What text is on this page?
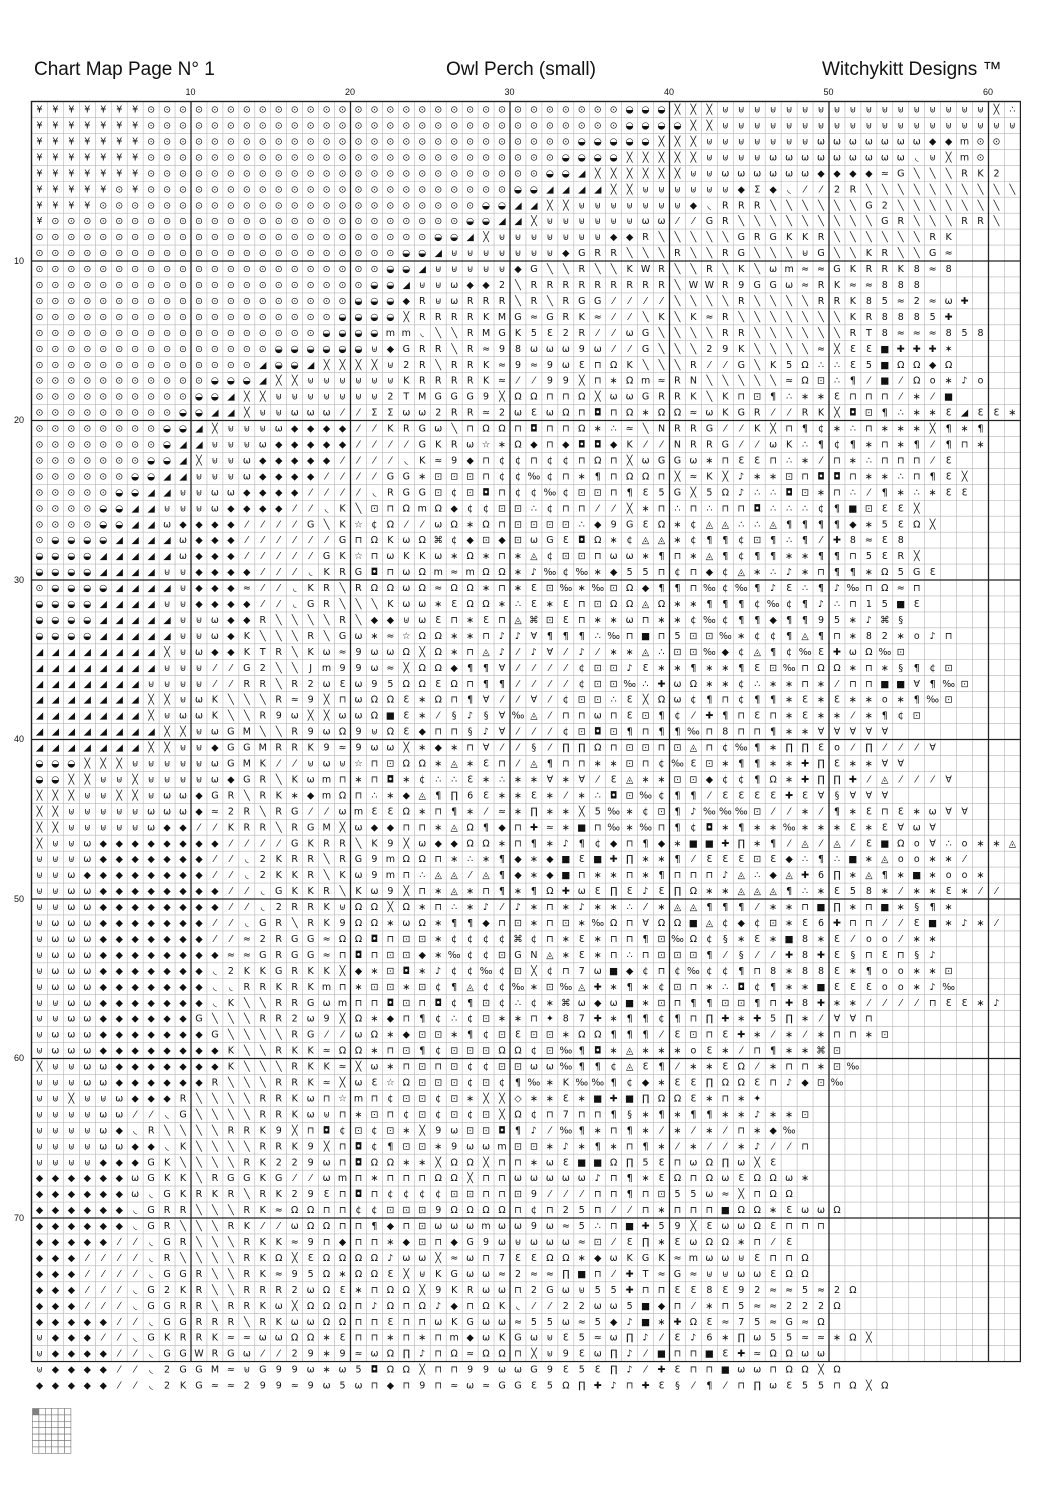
Chart Map Page N° 1	Owl Perch (small)	Witchykitt Designs ™
10	20	30	40	50	60
10
20
30
40
50
60
70
¥ ¥ ¥ ¥ ¥ ¥ ¥ ⊙ ⊙ ⊙ ⊙ ⊙ ⊙ ⊙ ⊙ ⊙ ⊙ ⊙ ⊙ ⊙ ⊙ ⊙ ⊙ ⊙ ⊙ ⊙ ⊙ ⊙ ⊙ ⊙ ⊙ ⊙ ⊙ ⊙ ⊙ ⊙ ⊙ ◒ ◒ ◒ ╳ ╳ ╳ ⊎ ⊎ ⊎ ⊎ ⊎ ⊎ ⊎ ⊎ ⊎ ⊎ ⊎ ⊎ ⊎ ⊎ ⊎ ⊎ ⊎ ╳ ∴
¥ ¥ ¥ ¥ ¥ ¥ ¥ ⊙ ⊙ ⊙ ⊙ ⊙ ⊙ ⊙ ⊙ ⊙ ⊙ ⊙ ⊙ ⊙ ⊙ ⊙ ⊙ ⊙ ⊙ ⊙ ⊙ ⊙ ⊙ ⊙ ⊙ ⊙ ⊙ ⊙ ⊙ ⊙ ⊙ ◒ ◒ ◒ ◒ ╳ ╳ ⊎ ⊎ ⊎ ⊎ ⊎ ⊎ ⊎ ⊎ ⊎ ⊎ ⊎ ⊎ ⊎ ⊎ ⊎ ⊎ ⊎ ⊎ ⊎
¥ ¥ ¥ ¥ ¥ ¥ ¥ ⊙ ⊙ ⊙ ⊙ ⊙ ⊙ ⊙ ⊙ ⊙ ⊙ ⊙ ⊙ ⊙ ⊙ ⊙ ⊙ ⊙ ⊙ ⊙ ⊙ ⊙ ⊙ ⊙ ⊙ ⊙ ⊙ ⊙ ◒ ◒ ◒ ◒ ◒ ╳ ╳ ╳ ⊎ ⊎ ⊎ ⊎ ⊎ ⊎ ⊎ ω ω ω ω ω ω ω ◆ ◆ m ⊙ ⊙
¥ ¥ ¥ ¥ ¥ ¥ ¥ ⊙ ⊙ ⊙ ⊙ ⊙ ⊙ ⊙ ⊙ ⊙ ⊙ ⊙ ⊙ ⊙ ⊙ ⊙ ⊙ ⊙ ⊙ ⊙ ⊙ ⊙ ⊙ ⊙ ⊙ ⊙ ⊙ ◒ ◒ ◒ ◒ ╳ ╳ ╳ ╳ ╳ ⊎ ⊎ ⊎ ⊎ ω ω ω ω ω ω ω ω ω ◟ ⊎ ╳ m ⊙
¥ ¥ ¥ ¥ ¥ ¥ ¥ ⊙ ⊙ ⊙ ⊙ ⊙ ⊙ ⊙ ⊙ ⊙ ⊙ ⊙ ⊙ ⊙ ⊙ ⊙ ⊙ ⊙ ⊙ ⊙ ⊙ ⊙ ⊙ ⊙ ⊙ ⊙ ◒ ◒ ◢ ╳ ╳ ╳ ╳ ╳ ╳ ⊎ ⊎ ω ω ω ω ω ω ◆ ◆ ◆ ◆ ≈ G ╲ ╲ ╲ R K 2
¥ ¥ ¥ ¥ ¥ ⊙ ¥ ⊙ ⊙ ⊙ ⊙ ⊙ ⊙ ⊙ ⊙ ⊙ ⊙ ⊙ ⊙ ⊙ ⊙ ⊙ ⊙ ⊙ ⊙ ⊙ ⊙ ⊙ ⊙ ⊙ ◒ ◒ ◢ ◢ ◢ ◢ ╳ ╳ ⊎ ⊎ ⊎ ⊎ ⊎ ⊎ ◆ Σ ◆ ◟ ⁄ ⁄ 2 R ╲ ╲ ╲ ╲ ╲ ╲ ╲ ╲ ╲ ╲
¥ ¥ ¥ ¥ ⊙ ⊙ ⊙ ⊙ ⊙ ⊙ ⊙ ⊙ ⊙ ⊙ ⊙ ⊙ ⊙ ⊙ ⊙ ⊙ ⊙ ⊙ ⊙ ⊙ ⊙ ⊙ ⊙ ⊙ ◒ ◒ ◢ ◢ ╳ ╳ ⊎ ⊎ ⊎ ⊎ ⊎ ⊎ ⊎ ◆ ◟ R R R ╲ ╲ ╲ ╲ ╲ ╲ G 2 ╲ ╲ ╲ ╲ ╲ ╲ ╲
¥ ⊙ ⊙ ⊙ ⊙ ⊙ ⊙ ⊙ ⊙ ⊙ ⊙ ⊙ ⊙ ⊙ ⊙ ⊙ ⊙ ⊙ ⊙ ⊙ ⊙ ⊙ ⊙ ⊙ ⊙ ⊙ ⊙ ◒ ◒ ◢ ◢ ╳ ⊎ ⊎ ⊎ ⊎ ⊎ ⊎ ω ω ⁄ ⁄ G R ╲ ╲ ╲ ╲ ╲ ╲ ╲ ╲ ╲ G R ╲ ╲ ╲ R R ╲
⊙ ⊙ ⊙ ⊙ ⊙ ⊙ ⊙ ⊙ ⊙ ⊙ ⊙ ⊙ ⊙ ⊙ ⊙ ⊙ ⊙ ⊙ ⊙ ⊙ ⊙ ⊙ ⊙ ⊙ ⊙ ◒ ◒ ◢ ╳ ⊎ ⊎ ⊎ ⊎ ⊎ ⊎ ⊎ ◆ ◆ R ╲ ╲ ╲ ╲ ╲ G R G K K R ╲ ╲ ╲ ╲ ╲ ╲ R K
⊙ ⊙ ⊙ ⊙ ⊙ ⊙ ⊙ ⊙ ⊙ ⊙ ⊙ ⊙ ⊙ ⊙ ⊙ ⊙ ⊙ ⊙ ⊙ ⊙ ⊙ ⊙ ⊙ ◒ ◒ ◢ ⊎ ⊎ ⊎ ⊎ ⊎ ⊎ ⊎ ◆ G R R ╲ ╲ ╲ R ╲ ╲ R G ╲ ╲ ╲ ⊎ G ╲ ╲ K R ╲ ╲ G ≈
⊙ ⊙ ⊙ ⊙ ⊙ ⊙ ⊙ ⊙ ⊙ ⊙ ⊙ ⊙ ⊙ ⊙ ⊙ ⊙ ⊙ ⊙ ⊙ ⊙ ⊙ ⊙ ◒ ◒ ◢ ⊎ ⊎ ⊎ ⊎ ⊎ ◆ G ╲ ╲ R ╲ ╲ K W R ╲ ╲ R ╲ K ╲ ω m ≈ ≈ G K R R K 8 ≈ 8
⊙ ⊙ ⊙ ⊙ ⊙ ⊙ ⊙ ⊙ ⊙ ⊙ ⊙ ⊙ ⊙ ⊙ ⊙ ⊙ ⊙ ⊙ ⊙ ⊙ ⊙ ◒ ◒ ◢ ⊎ ⊎ ω ◆ ◆ 2 ╲ R R R R R R R R R ╲ W W R 9 G G ω ≈ R K ≈ ≈ 8 8 8
⊙ ⊙ ⊙ ⊙ ⊙ ⊙ ⊙ ⊙ ⊙ ⊙ ⊙ ⊙ ⊙ ⊙ ⊙ ⊙ ⊙ ⊙ ⊙ ⊙ ◒ ◒ ◒ ◆ R ⊎ ω R R R ╲ R ╲ R G G ⁄ ⁄ ⁄ ⁄ ╲ ╲ ╲ ╲ R ╲ ╲ ╲ ╲ R R K 8 5 ≈ 2 ≈ ω ✚
⊙ ⊙ ⊙ ⊙ ⊙ ⊙ ⊙ ⊙ ⊙ ⊙ ⊙ ⊙ ⊙ ⊙ ⊙ ⊙ ⊙ ⊙ ⊙ ◒ ◒ ◒ ◒ ╳ R R R R K M G ≈ G R K ≈ ⁄ ⁄ ╲ K ╲ K ≈ R ╲ ╲ ╲ ╲ ╲ ╲ ╲ K R 8 8 8 5 ✚
⊙ ⊙ ⊙ ⊙ ⊙ ⊙ ⊙ ⊙ ⊙ ⊙ ⊙ ⊙ ⊙ ⊙ ⊙ ⊙ ⊙ ⊙ ◒ ◒ ◒ ◒ m m ◟ ╲ ╲ R M G K 5 Ɛ 2 R ⁄ ⁄ ω G ╲ ╲ ╲ ╲ R R ╲ ╲ ╲ ╲ ╲ ╲ R T 8 ≈ ≈ ≈ 8 5 8
⊙ ⊙ ⊙ ⊙ ⊙ ⊙ ⊙ ⊙ ⊙ ⊙ ⊙ ⊙ ⊙ ⊙ ⊙ ◒ ◒ ◒ ◒ ◒ ◒ ⊎ ◆ G R R ╲ R ≈ 9 8 ω ω ω 9 ω ⁄ ⁄ G ╲ ╲ ╲ 2 9 K ╲ ╲ ╲ ╲ ≈ ╳ Ɛ Ɛ ■ ✚ ✚ ✚ ✶
⊙ ⊙ ⊙ ⊙ ⊙ ⊙ ⊙ ⊙ ⊙ ⊙ ⊙ ⊙ ⊙ ⊙ ◢ ◒ ◒ ◢ ╳ ╳ ╳ ╳ ⊎ 2 R ╲ R R K ≈ 9 ≈ 9 ω Ɛ ⊓ Ω K ╲ ╲ ╲ R ⁄ ⁄ G ╲ K 5 Ω ∴ ∴ Ɛ 5 ■ Ω Ω ◆ Ω
⊙ ⊙ ⊙ ⊙ ⊙ ⊙ ⊙ ⊙ ⊙ ⊙ ⊙ ◒ ◒ ◒ ◢ ╳ ╳ ⊎ ⊎ ⊎ ⊎ ⊎ ⊎ K R R R R K ≈ ⁄ ⁄ 9 9 ╳ ⊓ ∗ Ω m ≈ R N ╲ ╲ ╲ ╲ ╲ ≈ Ω ⊡ ∴ ¶ ⁄ ■ ⁄ Ω o ∗ ♪ o
⊙ ⊙ ⊙ ⊙ ⊙ ⊙ ⊙ ⊙ ⊙ ⊙ ◒ ◒ ◢ ╳ ╳ ⊎ ⊎ ⊎ ⊎ ⊎ ⊎ ⊎ 2 T M G G G 9 ╳ Ω Ω ⊓ ⊓ Ω ╳ ω ω G R R K ╲ K ⊓ ⊡ ¶ ∴ ∗ ∗ Ɛ ⊓ ⊓ ⊓ ⁄ ∗ ⁄ ■
⊙ ⊙ ⊙ ⊙ ⊙ ⊙ ⊙ ⊙ ⊙ ◒ ◒ ◢ ◢ ╳ ⊎ ⊎ ω ω ω ⁄ ⁄ Σ Σ ω ω 2 R R ≈ 2 ω Ɛ ω Ω ⊓ ◘ ⊓ Ω ∗ Ω Ω ≈ ω K G R ⁄ ⁄ R K ╳ ◘ ⊡ ¶ ∴ ∗ ∗ Ɛ ◢ Ɛ Ɛ ∗
⊙ ⊙ ⊙ ⊙ ⊙ ⊙ ⊙ ⊙ ◒ ◒ ◢ ╳ ⊎ ⊎ ⊎ ω ◆ ◆ ◆ ◆ ⁄ ⁄ K R G ω ╲ ⊓ Ω Ω ⊓ ◘ ⊓ ⊓ Ω ∗ ∴ ≈ ╲ N R R G ⁄ ⁄ K ╳ ⊓ ¶ ¢ ∗ ∴ ⊓ ∗ ∗ ∗ ╳ ¶ ∗ ¶
⊙ ⊙ ⊙ ⊙ ⊙ ⊙ ⊙ ⊙ ◒ ◢ ◢ ⊎ ⊎ ⊎ ω ◆ ◆ ◆ ◆ ◆ ⁄ ⁄ ⁄ ⁄ G K R ω ☆ ∗ Ω ◆ ⊓ ◆ ◘ ◘ ◆ K ⁄ ⁄ N R R G ⁄ ⁄ ω K ∴ ¶ ¢ ¶ ∗ ⊓ ∗ ¶ ⁄ ¶ ⊓ ∗
⊙ ⊙ ⊙ ⊙ ⊙ ⊙ ⊙ ◒ ◒ ◢ ╳ ⊎ ⊎ ω ◆ ◆ ◆ ◆ ◆ ⁄ ⁄ ⁄ ⁄ ◟ K ≈ 9 ◆ ⊓ ¢ ¢ ⊓ ¢ ¢ ⊓ Ω ⊓ ╳ ω G G ω ∗ ⊓ Ɛ Ɛ ⊓ ∴ ∗ ⁄ ⊓ ∗ ∴ ⊓ ⊓ ⊓ ⁄ Ɛ
⊙ ⊙ ⊙ ⊙ ⊙ ⊙ ◒ ◒ ◢ ◢ ⊎ ⊎ ⊎ ω ◆ ◆ ◆ ◆ ⁄ ⁄ ⁄ ⁄ G G ∗ ⊡ ⊡ ⊡ ⊓ ¢ ¢ ‰ ¢ ⊓ ∗ ¶ ⊓ Ω Ω ⊓ ╳ ≈ K ╳ ♪ ∗ ∗ ⊡ ⊓ ◘ ◘ ⊓ ∗ ∗ ∴ ⊓ ¶ Ɛ ╳
⊙ ⊙ ⊙ ⊙ ⊙ ◒ ◒ ◢ ◢ ⊎ ⊎ ω ω ◆ ◆ ◆ ◆ ⁄ ⁄ ⁄ ⁄ ◟ R G G ⊡ ¢ ⊡ ◘ ⊓ ¢ ¢ ‰ ¢ ⊡ ⊡ ⊓ ¶ Ɛ 5 G ╳ 5 Ω ♪ ∴ ∴ ◘ ⊡ ∗ ⊓ ∴ ⁄ ¶ ∗ ∴ ∗ Ɛ Ɛ
⊙ ⊙ ⊙ ⊙ ◒ ◒ ◢ ◢ ⊎ ⊎ ⊎ ω ◆ ◆ ◆ ◆ ⁄ ⁄ ◟ K ╲ ⊡ ⊓ Ω m Ω ◆ ¢ ¢ ⊡ ⊡ ∴ ¢ ⊓ ⊓ ⁄ ⁄ ╳ ∗ ⊓ ∴ ⊓ ∴ ⊓ ⊓ ◘ ∴ ∴ ∴ ¢ ¶ ■ ⊡ Ɛ Ɛ ╳
⊙ ⊙ ⊙ ⊙ ◒ ◒ ◢ ◢ ω ◆ ◆ ◆ ◆ ⁄ ⁄ ⁄ ⁄ G ╲ K ☆ ¢ Ω ⁄ ⁄ ω Ω ∗ Ω ⊓ ⊡ ⊡ ⊡ ⊡ ∴ ◆ 9 G Ɛ Ω ∗ ¢ ◬ ◬ ∴ ∴ ◬ ¶ ¶ ¶ ¶ ◆ ∗ 5 Ɛ Ω ╳
⊙ ◒ ◒ ◒ ◒ ◢ ◢ ◢ ◢ ω ◆ ◆ ◆ ⁄ ⁄ ⁄ ⁄ ⁄ ⁄ G ⊓ Ω K ω Ω ⌘ ¢ ◆ ⊡ ◆ ⊡ ω G Ɛ ◘ Ω ∗ ¢ ◬ ◬ ∗ ¢ ¶ ¶ ¢ ⊡ ¶ ∴ ¶ ⁄ ✚ 8 ≈ Ɛ 8
◒ ◒ ◒ ◒ ◢ ◢ ◢ ◢ ◢ ω ◆ ◆ ◆ ⁄ ⁄ ⁄ ⁄ ⁄ G K ☆ ⊓ ω K K ω ∗ Ω ∗ ⊓ ∗ ◬ ¢ ⊡ ⊡ ⊓ ω ω ∗ ¶ ⊓ ∗ ◬ ¶ ¢ ¶ ¶ ∗ ∗ ¶ ¶ ⊓ 5 Ɛ R ╳
◒ ◒ ◒ ◒ ◢ ◢ ◢ ◢ ⊎ ⊎ ◆ ◆ ◆ ◆ ⁄ ⁄ ⁄ ◟ K R G ◘ ⊓ ω Ω m ≈ m Ω Ω ∗ ♪ ‰ ¢ ‰ ∗ ◆ 5 5 ⊓ ¢ ⊓ ◆ ¢ ◬ ∗ ∴ ♪ ∗ ⊓ ¶ ¶ ∗ Ω 5 G Ɛ
⊙ ◒ ◒ ◒ ◒ ◢ ◢ ◢ ◢ ⊎ ◆ ◆ ◆ ≈ ⁄ ⁄ ◟ K R ╲ R Ω Ω ω Ω ≈ Ω Ω ∗ ⊓ ∗ Ɛ ⊡ ‰ ∗ ‰ ⊡ Ω ◆ ¶ ¶ ⊓ ‰ ¢ ‰ ¶ ♪ Ɛ ∴ ¶ ♪ ‰ ⊓ Ω ≈ ⊓
◒ ◒ ◒ ◒ ◢ ◢ ◢ ◢ ⊎ ⊎ ◆ ◆ ◆ ◆ ⁄ ⁄ ◟ G R ╲ ╲ ╲ K ω ω ∗ Ɛ Ω Ω ∗ ∴ Ɛ ∗ Ɛ ⊓ ⊡ Ω Ω ◬ Ω ∗ ∗ ¶ ¶ ¶ ¢ ‰ ¢ ¶ ♪ ∴ ⊓ 1 5 ■ Ɛ
◒ ◒ ◒ ◒ ◢ ◢ ◢ ◢ ◢ ⊎ ⊎ ω ◆ ◆ R ╲ ╲ ╲ ╲ R ╲ ◆ ◆ ⊎ ω Ɛ ⊓ ∗ Ɛ ⊓ ◬ ⌘ ⊡ Ɛ ⊓ ∗ ∗ ω ⊓ ∗ ∗ ¢ ‰ ¢ ¶ ¶ ◆ ¶ ¶ 9 5 ∗ ♪ ⌘ §
◒ ◒ ◒ ◒ ◢ ◢ ◢ ◢ ◢ ⊎ ⊎ ω ◆ K ╲ ╲ ╲ R ╲ G ω ∗ ≈ ☆ Ω Ω ∗ ∗ ⊓ ♪ ♪ ∀ ¶ ¶ ¶ ∴ ‰ ⊓ ■ ⊓ 5 ⊡ ⊡ ‰ ∗ ¢ ¢ ¶ ◬ ¶ ⊓ ∗ 8 2 ∗ o ♪ ⊓
◢ ◢ ◢ ◢ ◢ ◢ ◢ ◢ ╳ ⊎ ω ◆ ◆ K T R ╲ K ω ≈ 9 ω ω Ω ╳ Ω ∗ ⊓ ◬ ♪ ⁄ ♪ ∀ ⁄ ♪ ⁄ ∗ ∗ ◬ ∴ ⊡ ⊡ ‰ ◆ ¢ ◬ ¶ ¢ ‰ Ɛ ✚ ω Ω ‰ ⊡
◢ ◢ ◢ ◢ ◢ ◢ ◢ ◢ ⊎ ⊎ ⊎ ⁄ ⁄ G 2 ╲ ╲ J m 9 9 ω ≈ ╳ Ω Ω ◆ ¶ ¶ ∀ ⁄ ⁄ ⁄ ⁄ ¢ ⊡ ⊡ ♪ Ɛ ∗ ∗ ¶ ∗ ∗ ¶ Ɛ ⊡ ‰ ⊓ Ω Ω ∗ ⊓ ∗ § ¶ ¢ ⊡
◢ ◢ ◢ ◢ ◢ ◢ ◢ ⊎ ⊎ ⊎ ⊎ ⁄ ⁄ R R ╲ R 2 ω Ɛ ω 9 5 Ω Ω Ɛ Ω ⊓ ¶ ¶ ⁄ ⁄ ⁄ ⁄ ¢ ⊡ ⊡ ‰ ∴ ✚ ω Ω ∗ ∗ ¢ ∴ ∗ ∗ ⊓ ∗ ⁄ ⊓ ⊓ ■ ■ ∀ ¶ ‰ ⊡
◢ ◢ ◢ ◢ ◢ ◢ ◢ ╳ ╳ ⊎ ω K ╲ ╲ ╲ R ≈ 9 ╳ ⊓ ω Ω Ω Ɛ ∗ Ω ⊓ ¶ ∀ ⁄ ⁄ ∀ ⁄ ¢ ⊡ ⊡ ∴ Ɛ ╳ Ω ω ¢ ¶ ⊓ ¢ ¶ ¶ ∗ Ɛ ∗ Ɛ ∗ ∗ o ∗ ¶ ‰ ⊡
◢ ◢ ◢ ◢ ◢ ◢ ◢ ╳ ⊎ ω ω K ╲ ╲ R 9 ω ╳ ╳ ω ω Ω ■ Ɛ ∗ ⁄ § ♪ § ∀ ‰ ◬ ⁄ ⊓ ⊓ ω ⊓ Ɛ ⊡ ¶ ¢ ⁄ ✚ ¶ ⊓ Ɛ ⊓ ∗ Ɛ ∗ ∗ ⁄ ∗ ¶ ¢ ⊡
◢ ◢ ◢ ◢ ◢ ◢ ◢ ◢ ╳ ╳ ⊎ ω G M ╲ ╲ R 9 ω Ω 9 ⊎ Ω Ɛ ◆ ⊓ ⊓ § ♪ ∀ ⁄ ⁄ ⁄ ¢ ⊡ ◘ ⊡ ¶ ⊓ ¶ ¶ ‰ ⊓ 8 ⊓ ⊓ ¶ ∗ ∗ ∀ ∀ ∀ ∀ ∀
◢ ◢ ◢ ◢ ◢ ◢ ◢ ╳ ╳ ⊎ ⊎ ◆ G G M R R K 9 ≈ 9 ω ω ╳ ∗ ◆ ∗ ⊓ ∀ ⁄ ⁄ § ⁄ ∏ ∏ Ω ⊓ ⊡ ⊡ ⊓ ⊡ ◬ ⊓ ¢ ‰ ¶ ∗ ∏ ∏ Ɛ o ⁄ ∏ ⁄ ⁄ ⁄ ∀
◒ ◒ ◒ ╳ ╳ ╳ ⊎ ⊎ ⊎ ⊎ ⊎ ω G M K ⁄ ⁄ ⊎ ω ⊎ ☆ ⊓ ⊡ Ω Ω ∗ ◬ ∗ Ɛ ⊓ ⁄ ◬ ¶ ⊓ ⊓ ∗ ∗ ⊡ ⊓ ¢ ‰ Ɛ ⊡ ∗ ¶ ¶ ∗ ∗ ✚ ∏ Ɛ ∗ ∗ ∀ ∀
◒ ◒ ╳ ╳ ⊎ ⊎ ╳ ⊎ ⊎ ⊎ ⊎ ω ◆ G R ╲ K ω m ⊓ ∗ ⊓ ◘ ∗ ¢ ∴ ∴ Ɛ ∗ ∴ ∗ ∗ ∀ ∗ ∀ ⁄ Ɛ ◬ ∗ ∗ ⊡ ⊡ ◆ ¢ ¢ ¶ Ω ∗ ✚ ∏ ∏ ✚ ⁄ ◬ ⁄ ⁄ ⁄ ∀
╳ ╳ ╳ ⊎ ⊎ ╳ ╳ ⊎ ω ω ◆ G R ╲ R K ∗ ◆ m Ω ⊓ ∴ ∗ ◆ ◬ ¶ ∏ 6 Ɛ ∗ ∗ Ɛ ∗ ⁄ ∗ ∴ ◘ ⊡ ‰ ¢ ¶ ¶ ⁄ Ɛ Ɛ Ɛ Ɛ ✚ Ɛ ∀ § ∀ ∀ ∀
╳ ╳ ⊎ ⊎ ⊎ ⊎ ⊎ ω ω ω ◆ ≈ 2 R ╲ R G ⁄ ⁄ ω m Ɛ Ɛ Ω ∗ ⊓ ¶ ∗ ⁄ ≈ ∗ ∏ ∗ ∗ ╳ 5 ‰ ∗ ¢ ⊡ ¶ ♪ ‰ ‰ ‰ ⊡ ⁄ ⁄ ∗ ⁄ ¶ ∗ Ɛ ⊓ Ɛ ∗ ω ∀ ∀
╳ ╳ ⊎ ⊎ ⊎ ⊎ ⊎ ω ◆ ◆ ⁄ ⁄ K R R ╲ R G M ╳ ω ◆ ◆ ⊓ ⊓ ∗ ◬ Ω ¶ ◆ ⊓ ✚ ≈ ∗ ■ ⊓ ‰ ∗ ‰ ⊓ ¶ ¢ ◘ ∗ ¶ ∗ ∗ ‰ ∗ ∗ ∗ Ɛ ∗ Ɛ ∀ ω ∀
╳ ⊎ ⊎ ω ◆ ◆ ◆ ◆ ◆ ◆ ◆ ◆ ⁄ ⁄ ⁄ ⁄ G K R R ╲ K 9 ╳ ω ◆ ◆ Ω Ω ∗ ⊓ ¶ ∗ ♪ ¶ ¢ ◆ ⊓ ¶ ◆ ∗ ■ ■ ✚ ∏ ∗ ¶ ⁄ ◬ ⁄ ◬ ⁄ Ɛ ■ Ω o ∀ ∴ o ∗ ∗ ◬
⊎ ⊎ ⊎ ω ◆ ◆ ◆ ◆ ◆ ◆ ◆ ⁄ ⁄ ◟ 2 K R R ╲ R G 9 m Ω Ω ⊓ ∗ ∴ ∗ ¶ ◆ ∗ ◆ ■ Ɛ ■ ✚ ∏ ∗ ∗ ¶ ⁄ Ɛ Ɛ Ɛ ⊡ Ɛ ◆ ∴ ¶ ∴ ■ ∗ ◬ o o ∗ ∗ ⁄
⊎ ⊎ ω ◆ ◆ ◆ ◆ ◆ ◆ ◆ ◆ ⁄ ⁄ ◟ 2 K K R ╲ K ω 9 m ⊓ ∴ ◬ ◬ ⁄ ◬ ¶ ◆ ∗ ◆ ■ ⊓ ∗ ∗ ⊓ ∗ ¶ ⊓ ⊓ ⊓ ♪ ◬ ∴ ◆ ◬ ✚ 6 ∏ ∗ ◬ ¶ ∗ ■ ∗ o o ∗
⊎ ⊎ ω ω ◆ ◆ ◆ ◆ ◆ ◆ ◆ ◆ ⁄ ⁄ ◟ G K K R ╲ K ω 9 ╳ ⊓ ∗ ◬ ∗ ⊓ ¶ ∗ ¶ Ω ✚ ω Ɛ ∏ Ɛ ♪ Ɛ ∏ Ω ∗ ∗ ◬ ◬ ◬ ¶ ∴ ∗ Ɛ 5 8 ∗ ⁄ ∗ ∗ Ɛ ∗ ⁄ ⁄
⊎ ⊎ ω ω ◆ ◆ ◆ ◆ ◆ ◆ ◆ ◆ ⁄ ⁄ ◟ 2 R R K ⊎ Ω Ω ╳ Ω ∗ ⊓ ∴ ∗ ♪ ⁄ ♪ ∗ ⊓ ∗ ♪ ∗ ∗ ∴ ⁄ ∗ ◬ ◬ ¶ ¶ ¶ ⁄ ∗ ∗ ⊓ ■ ∏ ∗ ⊓ ■ ∗ § ¶ ∗
⊎ ω ω ω ◆ ◆ ◆ ◆ ◆ ◆ ◆ ⁄ ⁄ ◟ G R ╲ R K 9 Ω Ω ∗ ω Ω ∗ ¶ ¶ ◆ ⊓ ⊡ ∗ ⊓ ⊡ ∗ ‰ Ω ⊓ ∀ Ω Ω ■ ◬ ¢ ◆ ¢ ⊡ ∗ Ɛ 6 ✚ ⊓ ⊓ ⁄ ⁄ Ɛ ■ ∗ ♪ ∗ ⁄
⊎ ω ω ω ◆ ◆ ◆ ◆ ◆ ◆ ◆ ⁄ ⁄ ≈ 2 R G G ≈ Ω Ω ◘ ⊓ ⊡ ⊡ ∗ ¢ ¢ ¢ ¢ ⌘ ¢ ⊓ ∗ Ɛ ∗ ⊓ ⊓ ¶ ⊡ ‰ Ω ¢ § ∗ Ɛ ∗ ■ 8 ∗ Ɛ ⁄ o o ⁄ ∗ ∗
⊎ ω ω ω ◆ ◆ ◆ ◆ ◆ ◆ ◆ ◆ ≈ ≈ G R G G ≈ ⊓ ◘ ⊓ ⊡ ⊡ ◆ ∗ ‰ ¢ ¢ ⊡ G N ◬ ∗ Ɛ ∗ ⊓ ∴ ⊓ ⊡ ⊡ ⊡ ¶ ⁄ § ⁄ ⁄ ✚ 8 ✚ Ɛ § ⊓ Ɛ ⊓ § ♪
⊎ ω ω ω ◆ ◆ ◆ ◆ ◆ ◆ ◆ ◟ 2 K K G R K K ╳ ◆ ∗ ⊡ ◘ ∗ ♪ ¢ ¢ ‰ ¢ ⊡ ╳ ¢ ⊓ 7 ω ■ ◆ ¢ ⊓ ¢ ‰ ¢ ¢ ¶ ⊓ 8 ∗ 8 8 Ɛ ∗ ¶ o o ∗ ∗ ⊡
⊎ ω ω ω ◆ ◆ ◆ ◆ ◆ ◆ ◆ ◟ ◟ R R K R K m ⊓ ∗ ⊡ ⊡ ∗ ⊡ ¢ ¶ ◬ ¢ ¢ ‰ ∗ ⊡ ‰ ◬ ✚ ∗ ¶ ∗ ¢ ⊡ ⊓ ∗ ∴ ◘ ¢ ¶ ∗ ∗ ■ Ɛ Ɛ Ɛ o o ∗ ♪ ‰
⊎ ⊎ ω ω ◆ ◆ ◆ ◆ ◆ ◆ ◆ ◟ K ╲ ╲ R R G ω m ⊓ ⊓ ◘ ⊡ ⊓ ◘ ¢ ¶ ⊡ ¢ ∴ ¢ ∗ ⌘ ω ◆ ω ■ ∗ ⊡ ⊓ ¶ ¶ ⊡ ⊡ ¶ ⊓ ✚ 8 ✚ ∗ ∗ ⁄ ⁄ ⁄ ⁄ ⊓ Ɛ Ɛ ∗ ♪
⊎ ⊎ ω ω ◆ ◆ ◆ ◆ ◆ ◆ G ╲ ╲ ╲ R R 2 ω 9 ╳ Ω ∗ ◆ ⊓ ¶ ¢ ∴ ¢ ⊡ ∗ ∗ ⊓ ✦ 8 7 ✚ ∗ ¶ ¶ ¢ ¶ ⊓ ∏ ✚ ∗ ✚ 5 ∏ ∗ ⁄ ∀ ∀ ⊓
⊎ ω ω ω ◆ ◆ ◆ ◆ ◆ ◆ ◆ G ╲ ╲ ╲ ╲ R G ⁄ ⁄ ω Ω ∗ ◆ ⊡ ⊡ ∗ ¶ ¢ ⊡ Ɛ ⊡ ⊡ ∗ Ω Ω ¶ ¶ ¶ ⁄ Ɛ ⊡ ⊓ Ɛ ✚ ∗ ⁄ ∗ ⁄ ∗ ⊓ ⊓ ∗ ⊡
⊎ ω ω ω ◆ ◆ ◆ ◆ ◆ ◆ ◆ ◆ K ╲ ╲ R K K ≈ Ω Ω ∗ ⊓ ⊡ ¶ ¢ ⊡ ⊡ ⊡ Ω Ω ¢ ⊡ ‰ ¶ ◘ ∗ ◬ ∗ ∗ ∗ o Ɛ ∗ ⁄ ⊓ ¶ ∗ ∗ ⌘ ⊡
╳ ⊎ ⊎ ω ω ◆ ◆ ◆ ◆ ◆ ◆ ◆ K ╲ ╲ ╲ R K K ≈ ╳ ω ∗ ⊓ ⊡ ⊓ ⊡ ¢ ¢ ⊡ ⊡ ω ω ‰ ¶ ¶ ¢ ◬ Ɛ ¶ ⁄ ∗ ∗ Ɛ Ω ⁄ ∗ ⊓ ⊓ ∗ ⊡ ‰
⊎ ⊎ ⊎ ω ω ◆ ◆ ◆ ◆ ◆ ◆ R ╲ ╲ ╲ R R K ≈ ╳ ω Ɛ ☆ Ω ⊡ ⊡ ⊡ ¢ ⊡ ¢ ¶ ‰ ∗ K ‰ ‰ ¶ ¢ ◆ ∗ Ɛ Ɛ ∏ Ω Ω Ɛ ⊓ ♪ ◆ ⊡ ‰
⊎ ⊎ ╳ ⊎ ⊎ ω ◆ ◆ ◆ R ╲ ╲ ╲ ╲ R R K ω ⊓ ☆ m ⊓ ¢ ⊡ ⊡ ¢ ⊡ ∗ ╳ ╳ ◇ ∗ ∗ Ɛ ∗ ■ ✚ ■ ∏ Ω Ω Ɛ ∗ ⊓ ∗ ✦
⊎ ⊎ ⊎ ⊎ ω ω ⁄ ⁄ ◟ G ╲ ╲ ╲ ╲ R R K ω ⊎ ⊓ ∗ ⊡ ⊓ ¢ ⊡ ¢ ⊡ ¢ ⊡ ╳ Ω ¢ ⊓ 7 ⊓ ⊓ ¶ § ∗ ¶ ∗ ¶ ¶ ∗ ∗ ♪ ∗ ∗ ⊡
⊎ ⊎ ⊎ ⊎ ω ◆ ◟ R ╲ ╲ ╲ ╲ R R K 9 ╳ ⊓ ◘ ¢ ⊡ ¢ ⊡ ∗ ╳ 9 ω ⊡ ⊡ ◘ ¶ ♪ ⁄ ‰ ¶ ∗ ⊓ ¶ ∗ ⁄ ∗ ⁄ ∗ ⁄ ⊓ ∗ ◆ ‰
⊎ ⊎ ⊎ ⊎ ω ω ◆ ◆ ◟ K ╲ ╲ ╲ ╲ R R K 9 ╳ ⊓ ◘ ¢ ¶ ⊡ ⊡ ∗ 9 ω ω m ⊡ ⊡ ∗ ♪ ∗ ¶ ∗ ⊓ ¶ ∗ ⁄ ∗ ⁄ ⁄ ∗ ♪ ⁄ ⁄ ⊓
⊎ ⊎ ⊎ ⊎ ◆ ◆ ◆ G K ╲ ╲ ╲ ╲ R K 2 2 9 ω ⊓ ◘ Ω Ω ∗ ∗ ╳ Ω Ω ╳ ⊓ ⊓ ∗ ω Ɛ ■ ■ Ω ∏ 5 Ɛ ⊓ ω Ω ∏ ω ╳ Ɛ
◆ ◆ ◆ ◆ ◆ ◆ ω G K K ╲ R G G K G ⁄ ⁄ ω m ⊓ ∗ ⊓ ⊓ ⊓ Ω Ω ╳ ⊓ ⊓ ω ω ω ω ω ♪ ⊓ ¶ ∗ Ɛ Ω ⊓ Ω ω Ɛ Ω Ω ω ∗
◆ ◆ ◆ ◆ ◆ ◆ ω ◟ G K R K R ╲ R K 2 9 Ɛ ⊓ ◘ ⊓ ¢ ¢ ¢ ¢ ⊡ ⊡ ⊓ ⊓ ⊡ 9 ⁄ ⁄ ⁄ ⊓ ⊓ ¶ ⊓ ⊡ 5 5 ω ≈ ╳ ⊓ Ω Ω
◆ ◆ ◆ ◆ ◆ ◆ ◟ G R R ╲ ╲ ╲ R K ≈ Ω Ω ⊓ ⊓ ¢ ¢ ⊡ ⊡ ⊡ 9 Ω Ω Ω Ω ⊓ ¢ ⊓ 2 5 ⊓ ⁄ ⁄ ⊓ ∗ ⊓ ⊓ ⊓ ■ Ω Ω ∗ Ɛ ω ω Ω
◆ ◆ ◆ ◆ ◆ ◆ ◟ G R ╲ ╲ ╲ R K ⁄ ⁄ ω Ω Ω ⊓ ⊓ ¶ ◆ ⊓ ⊡ ω ω ω m ω ω 9 ω ≈ 5 ∴ ⊓ ■ ✚ 5 9 ╳ Ɛ ω ω Ω Ɛ ⊓ ⊓ ⊓
◆ ◆ ◆ ◆ ◆ ⁄ ⁄ ◟ G R ╲ ╲ ╲ R K K ≈ 9 ⊓ ◆ ⊓ ⊓ ∗ ◆ ⊡ ⊓ ◆ G 9 ω ⊎ ω ω ω ≈ ⊡ ⁄ Ɛ ∏ ∗ Ɛ ω Ω Ω ∗ ⊓ ⁄ Ɛ
◆ ◆ ◆ ⁄ ⁄ ⁄ ⁄ ◟ R ╲ ╲ ╲ ╲ R K Ω ╳ Ɛ Ω Ω Ω Ω ♪ ω ω ╳ ≈ ω ⊓ 7 Ɛ Ɛ Ω Ω ∗ ◆ ω K G K ≈ m ω ω ⊎ Ɛ ⊓ ⊓ Ω
◆ ◆ ◆ ⁄ ⁄ ⁄ ⁄ ◟ G G R ╲ ╲ R K ≈ 9 5 Ω ∗ Ω Ω Ɛ ╳ ⊎ K G ω ω ≈ 2 ≈ ≈ ∏ ■ ⊓ ⁄ ✚ T ≈ G ≈ ⊎ ⊎ ω ω Ɛ Ω Ω
◆ ◆ ◆ ⁄ ⁄ ⁄ ◟ G 2 K R ╲ ╲ R R R 2 ω Ω Ɛ ∗ ⊓ Ω Ω ╳ 9 K R ω ω ⊓ 2 G ω ⊎ 5 5 ✚ ⊓ ⊓ Ɛ Ɛ 8 Ɛ 9 2 ≈ ≈ 5 ≈ 2 Ω
◆ ◆ ◆ ⁄ ⁄ ⁄ ◟ G G R R ╲ R R K ω ╳ Ω Ω Ω ⊓ ♪ Ω ⊓ Ω ♪ ◆ ⊓ Ω K ◟ ⁄ ⁄ 2 2 ω ω 5 ■ ◆ ⊓ ⁄ ∗ ⊓ 5 ≈ ≈ 2 2 2 Ω
◆ ◆ ◆ ◆ ◆ ⁄ ⁄ ◟ G G R R R ╲ R K ω ω Ω Ω ⊓ ⊓ Ɛ ⊓ ⊓ ω K G ω ω ≈ 5 5 ω ≈ 5 ◆ ♪ ■ ∗ ✚ Ω Ɛ ≈ 7 5 ≈ G ≈ Ω
⊎ ◆ ◆ ◆ ⁄ ⁄ ◟ G K R R K ≈ ≈ ω ω Ω Ω ∗ Ɛ ⊓ ⊓ ∗ ⊓ ∗ ⊓ m ◆ ω K G ω ⊎ Ɛ 5 ≈ ω ∏ ♪ ⁄ Ɛ ♪ 6 ∗ ∏ ω 5 5 ≈ ≈ ∗ Ω ╳
⊎ ◆ ◆ ◆ ◆ ⁄ ⁄ ◟ G G W R G ω ⁄ ⁄ 2 9 ∗ 9 ≈ ω Ω ∏ ♪ ⊓ Ω ≈ Ω Ω ⊓ ╳ ⊎ 9 Ɛ ω ∏ ♪ ⁄ ■ ⊓ ⊓ ■ Ɛ ✚ ≈ Ω Ω ω ω
⊎ ◆ ◆ ◆ ◆ ⁄ ⁄ ◟ 2 G G M ≈ ⊎ G 9 9 ω ∗ ω 5 ◘ Ω Ω ╳ ⊓ ⊓ 9 9 ω ω G 9 Ɛ 5 Ɛ ∏ ♪ ⁄ ✚ Ɛ ⊓ ⊓ ■ ω ω ⊓ Ω Ω ╳ Ω
◆ ◆ ◆ ◆ ◆ ⁄ ⁄ ◟ 2 K G ≈ ≈ 2 9 9 ≈ 9 ω 5 ω ⊓ ◆ ⊓ 9 ⊓ ≈ ω ≈ G G Ɛ 5 Ω ∏ ✚ ♪ ⊓ ✚ Ɛ § ⁄ ¶ ⁄ ⊓ ∏ ω Ɛ 5 5 ⊓ Ω ╳ Ω
